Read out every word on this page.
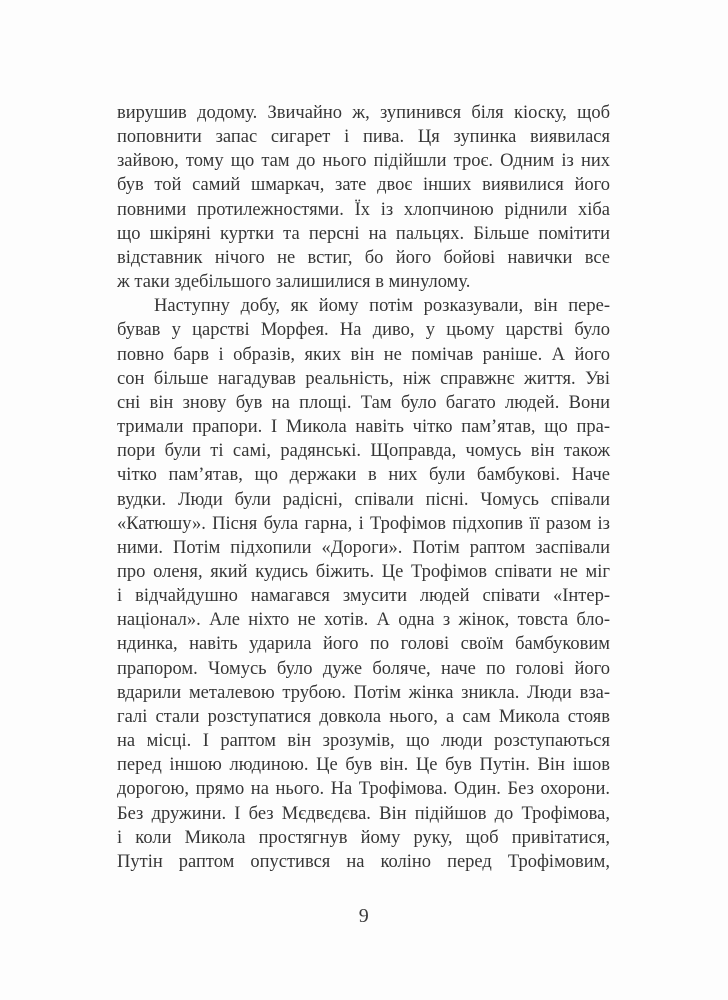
вирушив додому. Звичайно ж, зупинився біля кіоску, щоб
поповнити запас сигарет і пива. Ця зупинка виявилася
зайвою, тому що там до нього підійшли троє. Одним із них
був той самий шмаркач, зате двоє інших виявилися його
повними протилежностями. Їх із хлопчиною ріднили хіба
що шкіряні куртки та персні на пальцях. Більше помітити
відставник нічого не встиг, бо його бойові навички все
ж таки здебільшого залишилися в минулому.
Наступну добу, як йому потім розказували, він пере-
бував у царстві Морфея. На диво, у цьому царстві було
повно барв і образів, яких він не помічав раніше. А його
сон більше нагадував реальність, ніж справжнє життя. Уві
сні він знову був на площі. Там було багато людей. Вони
тримали прапори. І Микола навіть чітко пам’ятав, що пра-
пори були ті самі, радянські. Щоправда, чомусь він також
чітко пам’ятав, що держаки в них були бамбукові. Наче
вудки. Люди були радісні, співали пісні. Чомусь співали
«Катюшу». Пісня була гарна, і Трофімов підхопив її разом із
ними. Потім підхопили «Дороги». Потім раптом заспівали
про оленя, який кудись біжить. Це Трофімов співати не міг
і відчайдушно намагався змусити людей співати «Інтер-
націонал». Але ніхто не хотів. А одна з жінок, товста бло-
ндинка, навіть ударила його по голові своїм бамбуковим
прапором. Чомусь було дуже боляче, наче по голові його
вдарили металевою трубою. Потім жінка зникла. Люди вза-
галі стали розступатися довкола нього, а сам Микола стояв
на місці. І раптом він зрозумів, що люди розступаються
перед іншою людиною. Це був він. Це був Путін. Він ішов
дорогою, прямо на нього. На Трофімова. Один. Без охорони.
Без дружини. І без Мєдвєдєва. Він підійшов до Трофімова,
і коли Микола простягнув йому руку, щоб привітатися,
Путін раптом опустився на коліно перед Трофімовим,
9
